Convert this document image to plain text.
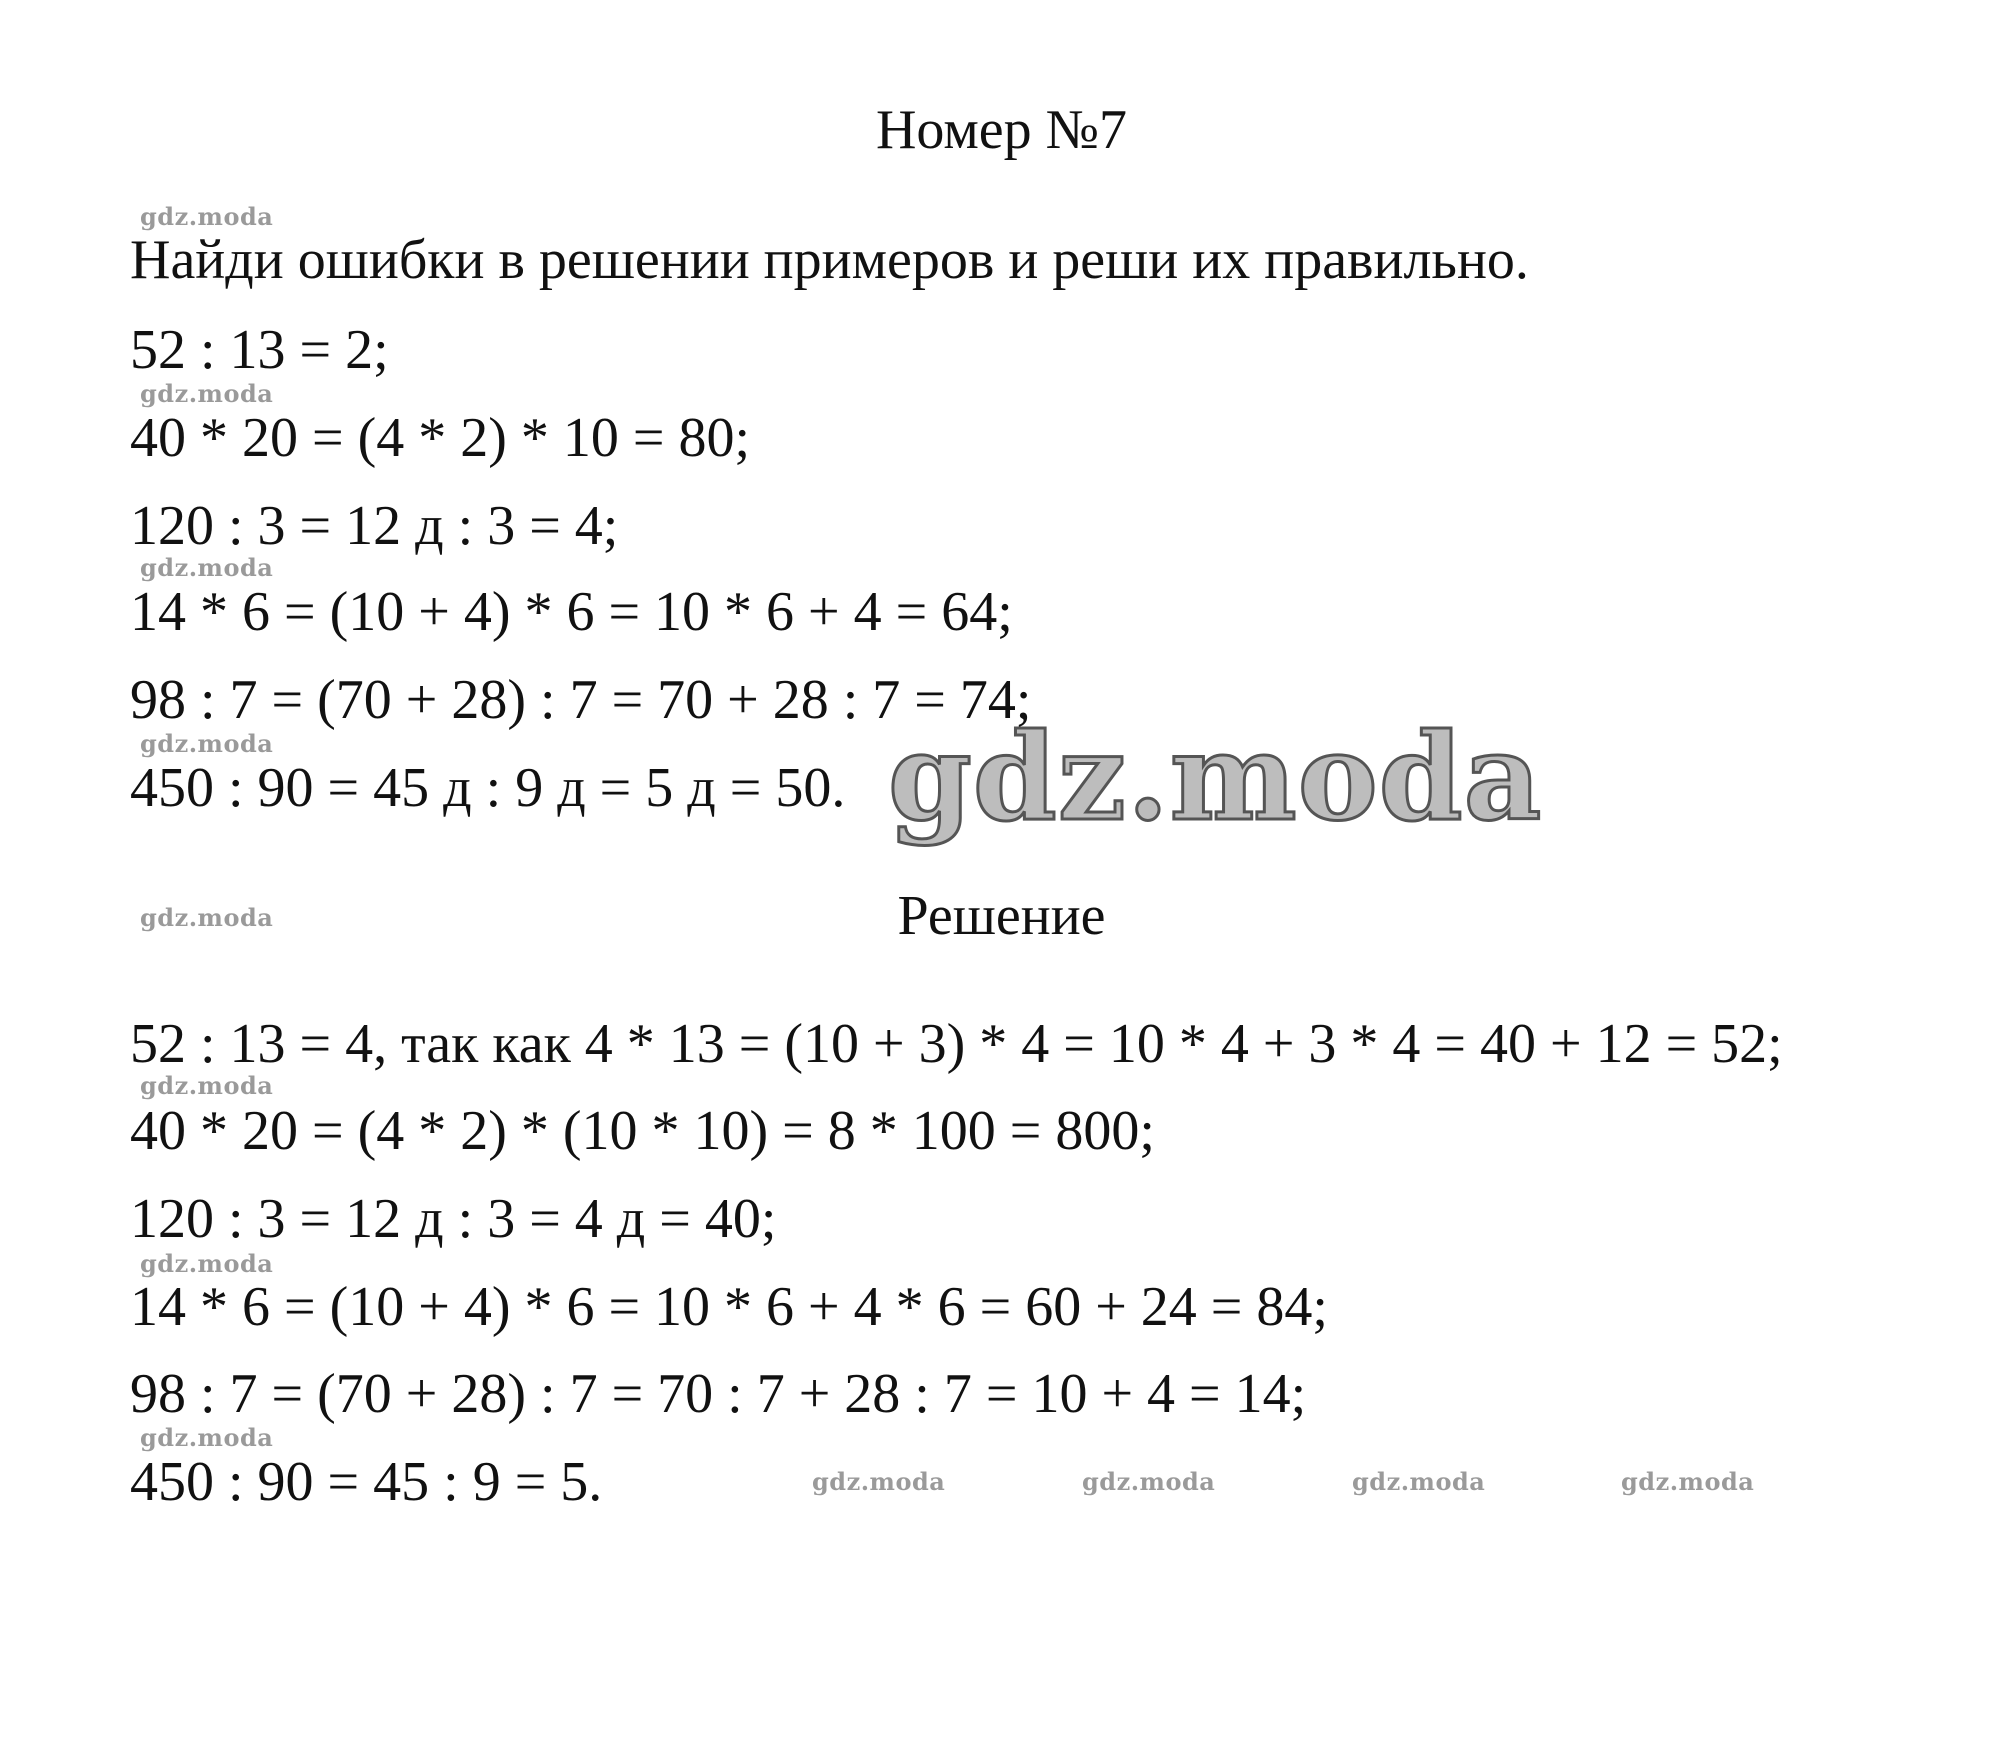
Номер №7
gdz.moda
Найди ошибки в решении примеров и реши их правильно.
52 : 13 = 2;
gdz.moda
40 * 20 = (4 * 2) * 10 = 80;
120 : 3 = 12 д : 3 = 4;
gdz.moda
14 * 6 = (10 + 4) * 6 = 10 * 6 + 4 = 64;
98 : 7 = (70 + 28) : 7 = 70 + 28 : 7 = 74;
gdz.moda
450 : 90 = 45 д : 9 д = 5 д = 50. gdz.moda
gdz.moda	Решение
52 : 13 = 4, так как 4 * 13 = (10 + 3) * 4 = 10 * 4 + 3 * 4 = 40 + 12 = 52;
gdz.moda
40 * 20 = (4 * 2) * (10 * 10) = 8 * 100 = 800;
120 : 3 = 12 д : 3 = 4 д = 40;
gdz.moda
14 * 6 = (10 + 4) * 6 = 10 * 6 + 4 * 6 = 60 + 24 = 84;
98 : 7 = (70 + 28) : 7 = 70 : 7 + 28 : 7 = 10 + 4 = 14;
gdz.moda
450 : 90 = 45 : 9 = 5.	gdz.moda	gdz.moda	gdz.moda	gdz.moda
